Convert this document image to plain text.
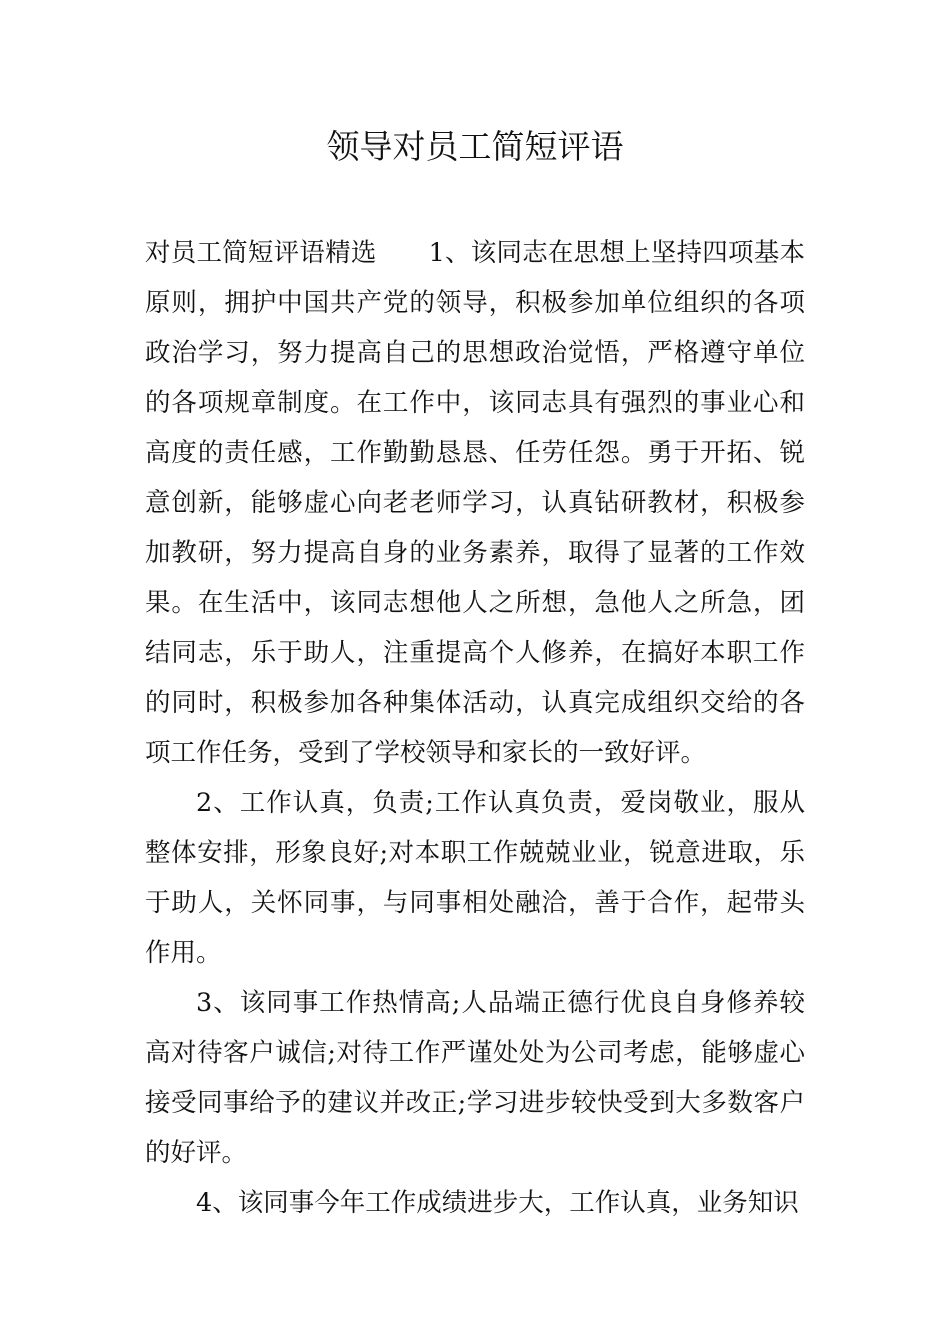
领导对员工简短评语

对员工简短评语精选 1、该同志在思想上坚持四项基本原则，拥护中国共产党的领导，积极参加单位组织的各项政治学习，努力提高自己的思想政治觉悟，严格遵守单位的各项规章制度。在工作中，该同志具有强烈的事业心和高度的责任感，工作勤勤恳恳、任劳任怨。勇于开拓、锐意创新，能够虚心向老老师学习，认真钻研教材，积极参加教研，努力提高自身的业务素养，取得了显著的工作效果。在生活中，该同志想他人之所想，急他人之所急，团结同志，乐于助人，注重提高个人修养，在搞好本职工作的同时，积极参加各种集体活动，认真完成组织交给的各项工作任务，受到了学校领导和家长的一致好评。

2、工作认真，负责;工作认真负责，爱岗敬业，服从整体安排，形象良好;对本职工作兢兢业业，锐意进取，乐于助人，关怀同事，与同事相处融洽，善于合作，起带头作用。

3、该同事工作热情高;人品端正德行优良自身修养较高对待客户诚信;对待工作严谨处处为公司考虑，能够虚心接受同事给予的建议并改正;学习进步较快受到大多数客户的好评。

4、该同事今年工作成绩进步大，工作认真，业务知识
